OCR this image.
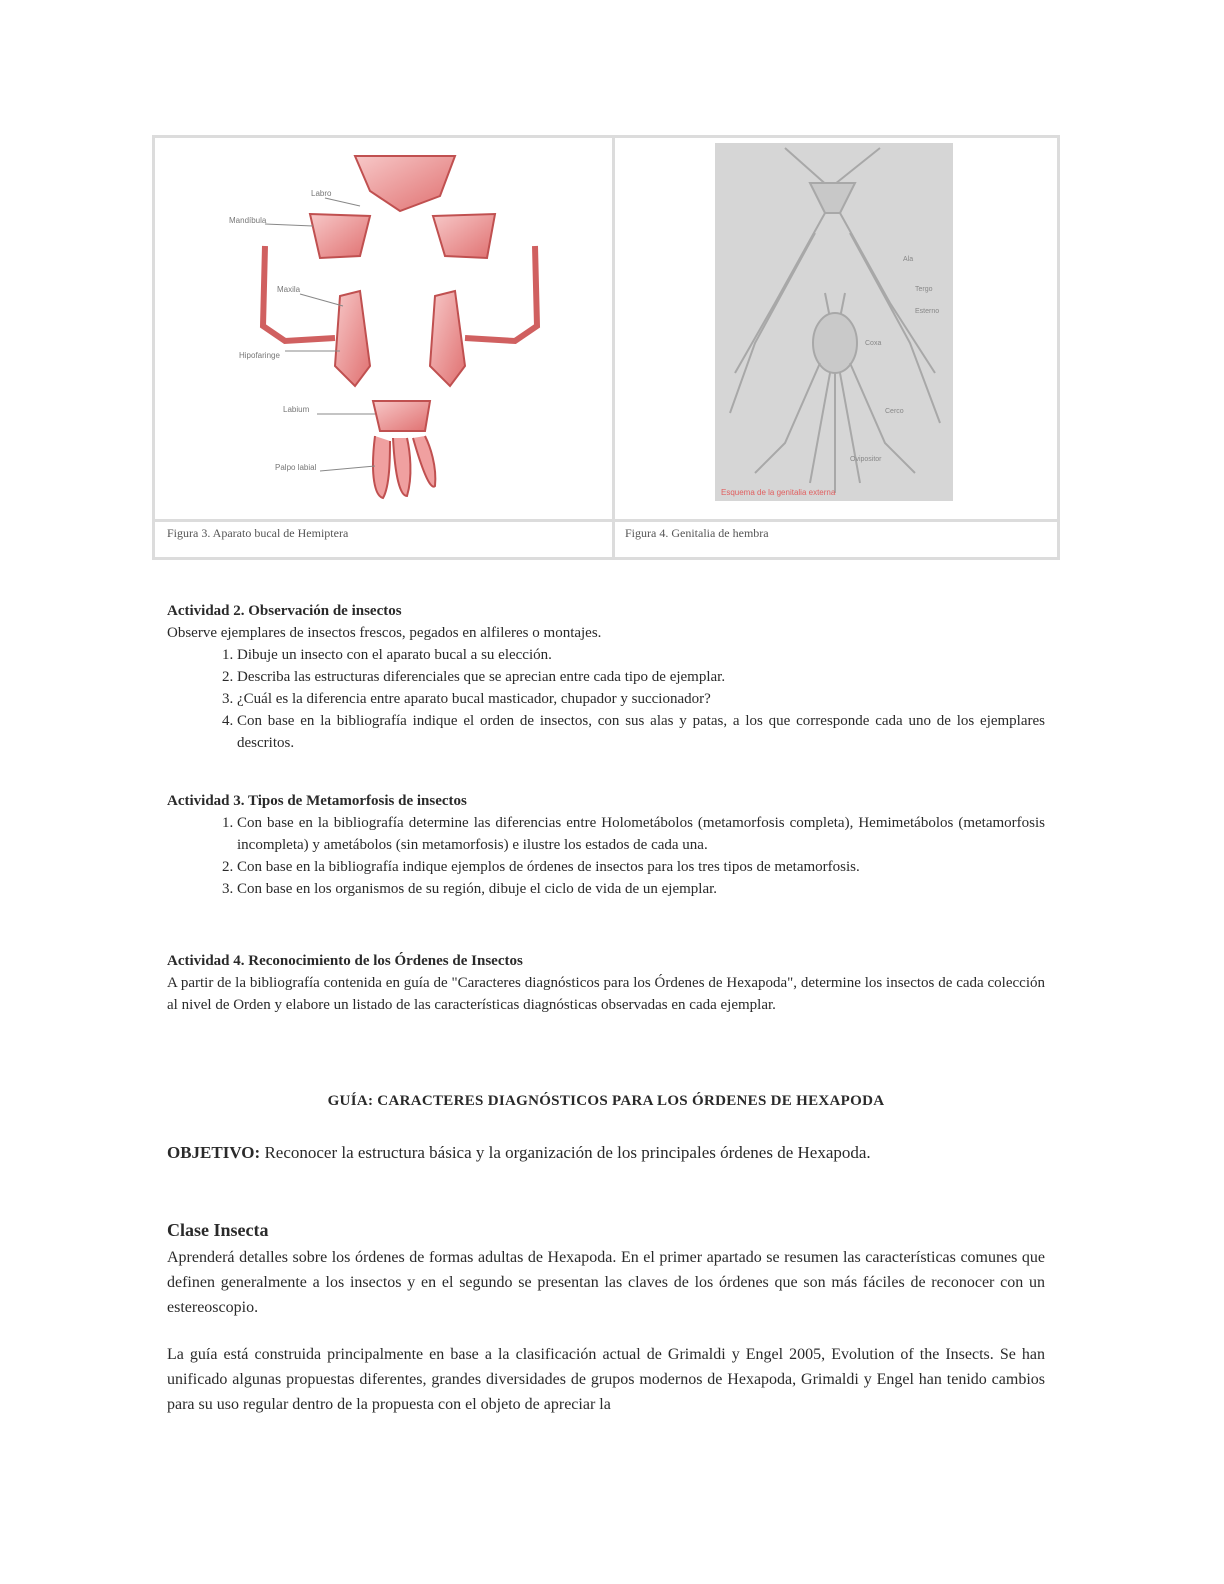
Labro
Mandíbula
Maxila
Hipofaringe
Labium
Palpo labial
Ala
Tergo
Esterno
Coxa
Cerco
Ovipositor
Esquema de la genitalia externa
Figura 3. Aparato bucal de Hemiptera	Figura 4. Genitalia de hembra

Actividad 2. Observación de insectos

Observe ejemplares de insectos frescos, pegados en alfileres o montajes.

1. Dibuje un insecto con el aparato bucal a su elección.
2. Describa las estructuras diferenciales que se aprecian entre cada tipo de ejemplar.
3. ¿Cuál es la diferencia entre aparato bucal masticador, chupador y succionador?
4. Con base en la bibliografía indique el orden de insectos, con sus alas y patas, a los que corresponde cada uno de los ejemplares descritos.

Actividad 3. Tipos de Metamorfosis de insectos

1. Con base en la bibliografía determine las diferencias entre Holometábolos (metamorfosis completa), Hemimetábolos (metamorfosis incompleta) y ametábolos (sin metamorfosis) e ilustre los estados de cada una.
2. Con base en la bibliografía indique ejemplos de órdenes de insectos para los tres tipos de metamorfosis.
3. Con base en los organismos de su región, dibuje el ciclo de vida de un ejemplar.

Actividad 4. Reconocimiento de los Órdenes de Insectos

A partir de la bibliografía contenida en guía de "Caracteres diagnósticos para los Órdenes de Hexapoda", determine los insectos de cada colección al nivel de Orden y elabore un listado de las características diagnósticas observadas en cada ejemplar.

GUÍA: CARACTERES DIAGNÓSTICOS PARA LOS ÓRDENES DE HEXAPODA

OBJETIVO: Reconocer la estructura básica y la organización de los principales órdenes de Hexapoda.

Clase Insecta

Aprenderá detalles sobre los órdenes de formas adultas de Hexapoda. En el primer apartado se resumen las características comunes que definen generalmente a los insectos y en el segundo se presentan las claves de los órdenes que son más fáciles de reconocer con un estereoscopio.

La guía está construida principalmente en base a la clasificación actual de Grimaldi y Engel 2005, Evolution of the Insects. Se han unificado algunas propuestas diferentes, grandes diversidades de grupos modernos de Hexapoda, Grimaldi y Engel han tenido cambios para su uso regular dentro de la propuesta con el objeto de apreciar la
